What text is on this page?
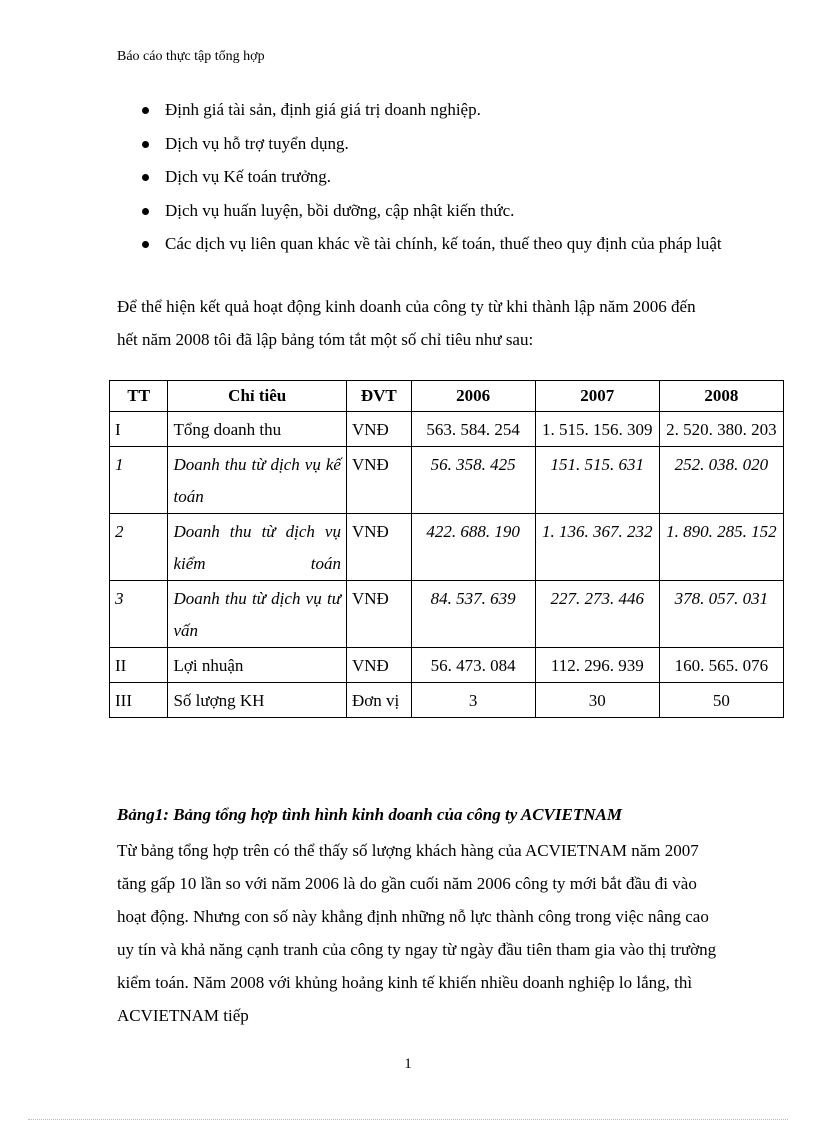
Báo cáo thực tập tổng hợp
Định giá tài sản, định giá giá trị doanh nghiệp.
Dịch vụ hỗ trợ tuyển dụng.
Dịch vụ Kế toán trưởng.
Dịch vụ huấn luyện, bồi dưỡng, cập nhật kiến thức.
Các dịch vụ liên quan khác về tài chính, kế toán, thuế theo quy định của pháp luật

Để thể hiện kết quả hoạt động kinh doanh của công ty từ khi thành lập năm 2006 đến hết năm 2008 tôi đã lập bảng tóm tắt một số chỉ tiêu như sau:

TT	Chỉ tiêu	ĐVT	2006	2007	2008
I	Tổng doanh thu	VNĐ	563. 584. 254	1. 515. 156. 309	2. 520. 380. 203
1	Doanh thu từ dịch vụ kế toán	VNĐ	56. 358. 425	151. 515. 631	252. 038. 020
2	Doanh thu từ dịch vụ kiểm toán	VNĐ	422. 688. 190	1. 136. 367. 232	1. 890. 285. 152
3	Doanh thu từ dịch vụ tư vấn	VNĐ	84. 537. 639	227. 273. 446	378. 057. 031
II	Lợi nhuận	VNĐ	56. 473. 084	112. 296. 939	160. 565. 076
III	Số lượng KH	Đơn vị	3	30	50
Bảng1: Bảng tổng hợp tình hình kinh doanh của công ty ACVIETNAM

Từ bảng tổng hợp trên có thể thấy số lượng khách hàng của ACVIETNAM năm 2007 tăng gấp 10 lần so với năm 2006 là do gần cuối năm 2006 công ty mới bắt đầu đi vào hoạt động. Nhưng con số này khẳng định những nỗ lực thành công trong việc nâng cao uy tín và khả năng cạnh tranh của công ty ngay từ ngày đầu tiên tham gia vào thị trường kiểm toán. Năm 2008 với khủng hoảng kinh tế khiến nhiều doanh nghiệp lo lắng, thì ACVIETNAM tiếp

1
